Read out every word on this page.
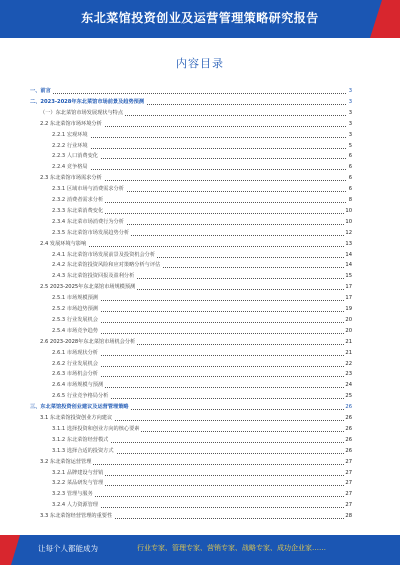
东北菜馆投资创业及运营管理策略研究报告
内容目录
一、前言	3
二、2023-2028年东北菜馆市场前景及趋势预测	3
（一）东北菜馆市场发展现状与特点	3
2.2 东北菜馆市场环境分析	3
2.2.1 宏观环境	3
2.2.2 行业环境	5
2.2.3 人口消费变化	6
2.2.4 竞争格局	6
2.3 东北菜馆市场需求分析	6
2.3.1 区域市场与消费需求分析	6
2.3.2 消费者需求分析	8
2.3.3 东北菜消费变化	10
2.3.4 东北菜市场消费行为分析	10
2.3.5 东北菜馆市场发展趋势分析	12
2.4 发展环境与影响	13
2.4.1 东北菜馆市场发展前景及投资机会分析	14
2.4.2 东北菜馆投资风险和应对策略分析与评估	14
2.4.3 东北菜馆投资回报及盈利分析	15
2.5 2023-2025年东北菜馆市场规模预测	17
2.5.1 市场规模预测	17
2.5.2 市场趋势预测	19
2.5.3 行业发展机会	20
2.5.4 市场竞争趋势	20
2.6 2023-2028年东北菜馆市场机会分析	21
2.6.1 市场现状分析	21
2.6.2 行业发展机会	22
2.6.3 市场机会分析	23
2.6.4 市场规模与预测	24
2.6.5 行业竞争格局分析	25
三、东北菜馆投资创业建议及运营管理策略	26
3.1 东北菜馆投资创业方向建议	26
3.1.1 选择投资和创业方向的核心要素	26
3.1.2 东北菜馆经营模式	26
3.1.3 选择合适的投资方式	26
3.2 东北菜馆运营管理	27
3.2.1 品牌建设与营销	27
3.2.2 菜品研发与管理	27
3.2.3 管理与服务	27
3.2.4 人力资源管理	27
3.3 东北菜馆经营管理的重要性	28
让每个人都能成为	行业专家、管理专家、营销专家、战略专家、成功企业家……
